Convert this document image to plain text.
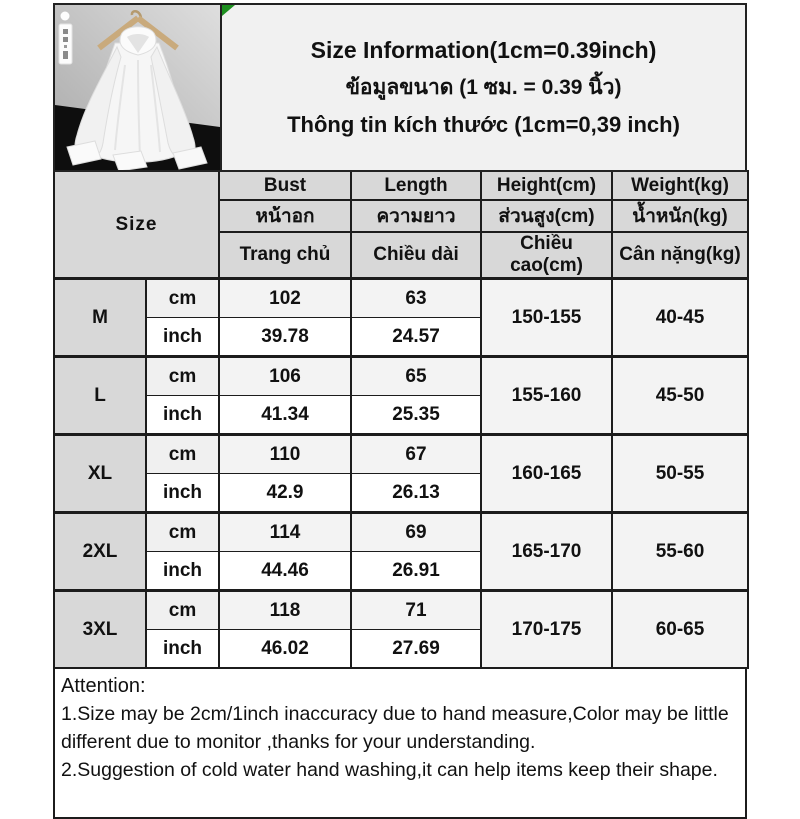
Size Information(1cm=0.39inch)
ข้อมูลขนาด (1 ซม. = 0.39 นิ้ว)
Thông tin kích thước (1cm=0,39 inch)
Size		Bust	Length	Height(cm)	Weight(kg)
		หน้าอก	ความยาว	ส่วนสูง(cm)	น้ำหนัก(kg)
		Trang chủ	Chiều dài	Chiều cao(cm)	Cân nặng(kg)
M	cm	102	63	150-155	40-45
	inch	39.78	24.57		
L	cm	106	65	155-160	45-50
	inch	41.34	25.35		
XL	cm	110	67	160-165	50-55
	inch	42.9	26.13		
2XL	cm	114	69	165-170	55-60
	inch	44.46	26.91		
3XL	cm	118	71	170-175	60-65
	inch	46.02	27.69		
Attention:

1.Size may be 2cm/1inch inaccuracy due to hand measure,Color may be little different due to monitor ,thanks for your understanding.

2.Suggestion of cold water hand washing,it can help items keep their shape.
